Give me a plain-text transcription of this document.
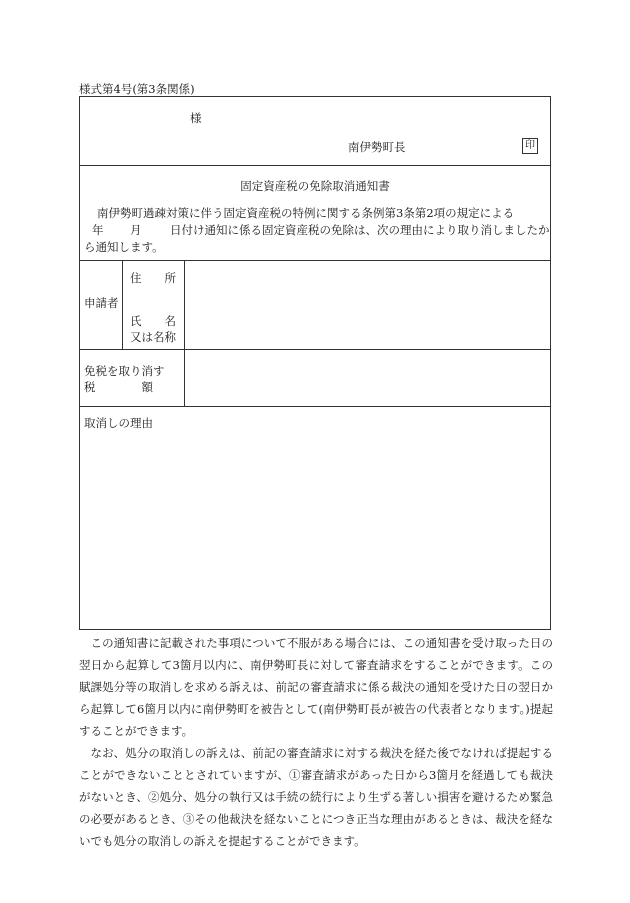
様式第4号(第3条関係)
様
南伊勢町長	印
固定資産税の免除取消通知書
南伊勢町過疎対策に伴う固定資産税の特例に関する条例第3条第2項の規定による
年 月 日付け通知に係る固定資産税の免除は、次の理由により取り消しましたか
ら通知します。
申請者
住　　所
氏　　名
又は名称
免税を取り消す
税　　　　額
取消しの理由

この通知書に記載された事項について不服がある場合には、この通知書を受け取った日の翌日から起算して3箇月以内に、南伊勢町長に対して審査請求をすることができます。この賦課処分等の取消しを求める訴えは、前記の審査請求に係る裁決の通知を受けた日の翌日から起算して6箇月以内に南伊勢町を被告として(南伊勢町長が被告の代表者となります。)提起することができます。

なお、処分の取消しの訴えは、前記の審査請求に対する裁決を経た後でなければ提起することができないこととされていますが、①審査請求があった日から3箇月を経過しても裁決がないとき、②処分、処分の執行又は手続の続行により生ずる著しい損害を避けるため緊急の必要があるとき、③その他裁決を経ないことにつき正当な理由があるときは、裁決を経ないでも処分の取消しの訴えを提起することができます。
